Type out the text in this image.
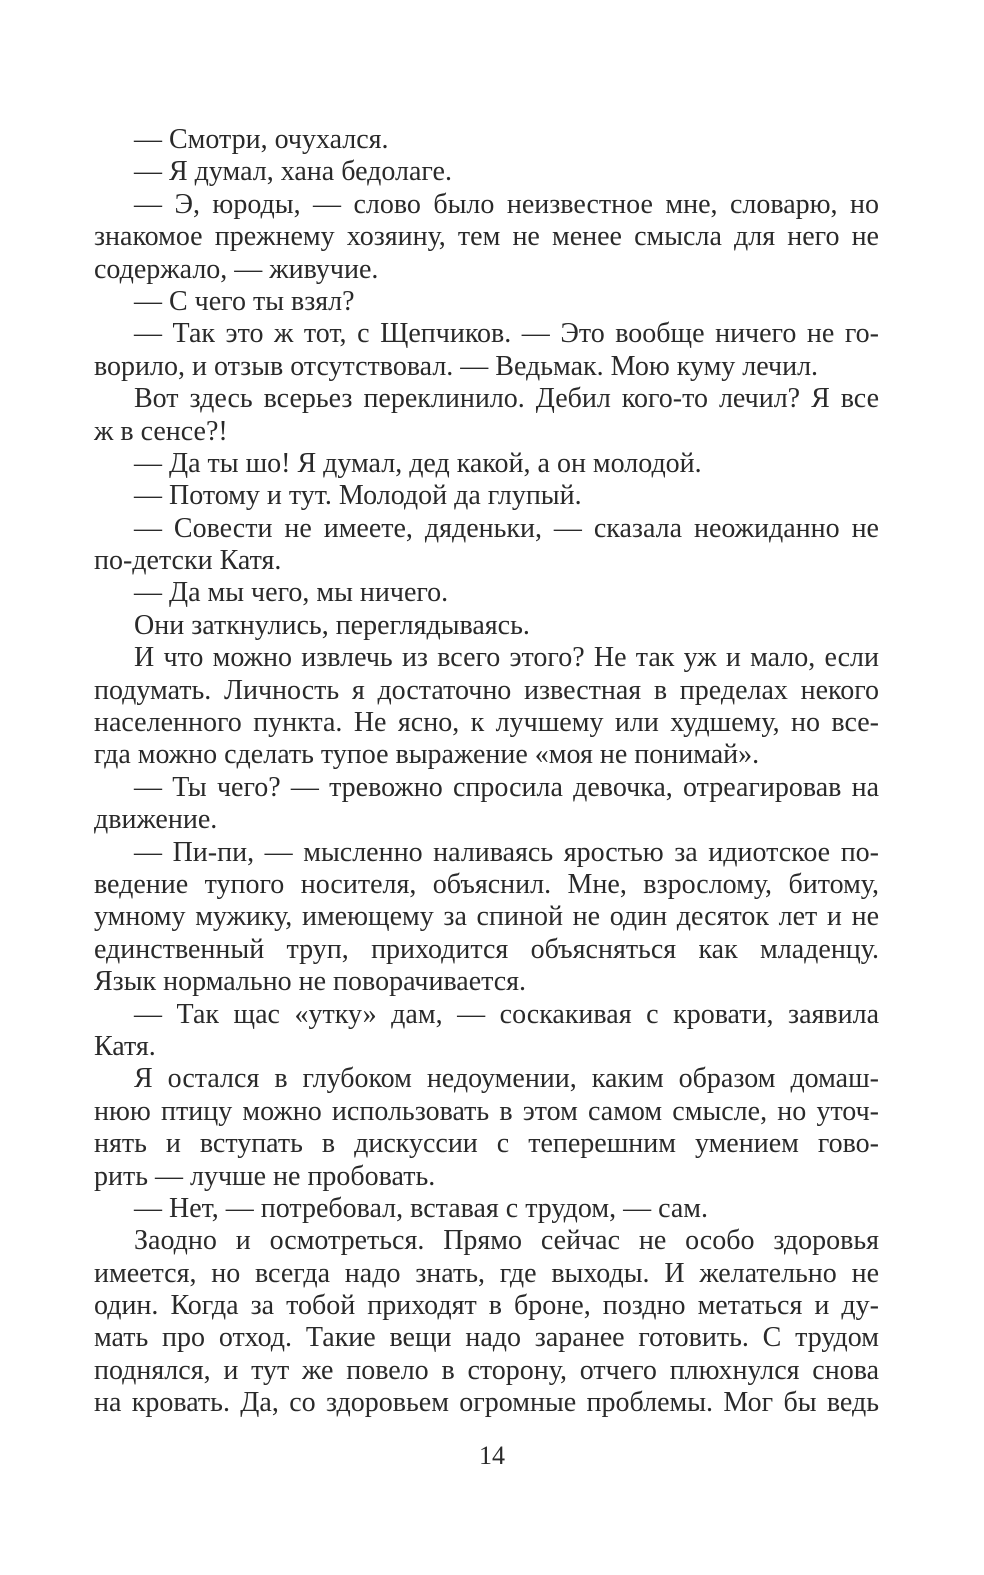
— Смотри, очухался.
— Я думал, хана бедолаге.
— Э, юроды, — слово было неизвестное мне, словарю, но
знакомое прежнему хозяину, тем не менее смысла для него не
содержало, — живучие.
— С чего ты взял?
— Так это ж тот, с Щепчиков. — Это вообще ничего не го-
ворило, и отзыв отсутствовал. — Ведьмак. Мою куму лечил.
Вот здесь всерьез переклинило. Дебил кого-то лечил? Я все
ж в сенсе?!
— Да ты шо! Я думал, дед какой, а он молодой.
— Потому и тут. Молодой да глупый.
— Совести не имеете, дяденьки, — сказала неожиданно не
по-детски Катя.
— Да мы чего, мы ничего.
Они заткнулись, переглядываясь.
И что можно извлечь из всего этого? Не так уж и мало, если
подумать. Личность я достаточно известная в пределах некого
населенного пункта. Не ясно, к лучшему или худшему, но все-
гда можно сделать тупое выражение «моя не понимай».
— Ты чего? — тревожно спросила девочка, отреагировав на
движение.
— Пи-пи, — мысленно наливаясь яростью за идиотское по-
ведение тупого носителя, объяснил. Мне, взрослому, битому,
умному мужику, имеющему за спиной не один десяток лет и не
единственный труп, приходится объясняться как младенцу.
Язык нормально не поворачивается.
— Так щас «утку» дам, — соскакивая с кровати, заявила
Катя.
Я остался в глубоком недоумении, каким образом домаш-
нюю птицу можно использовать в этом самом смысле, но уточ-
нять и вступать в дискуссии с теперешним умением гово-
рить — лучше не пробовать.
— Нет, — потребовал, вставая с трудом, — сам.
Заодно и осмотреться. Прямо сейчас не особо здоровья
имеется, но всегда надо знать, где выходы. И желательно не
один. Когда за тобой приходят в броне, поздно метаться и ду-
мать про отход. Такие вещи надо заранее готовить. С трудом
поднялся, и тут же повело в сторону, отчего плюхнулся снова
на кровать. Да, со здоровьем огромные проблемы. Мог бы ведь
14
